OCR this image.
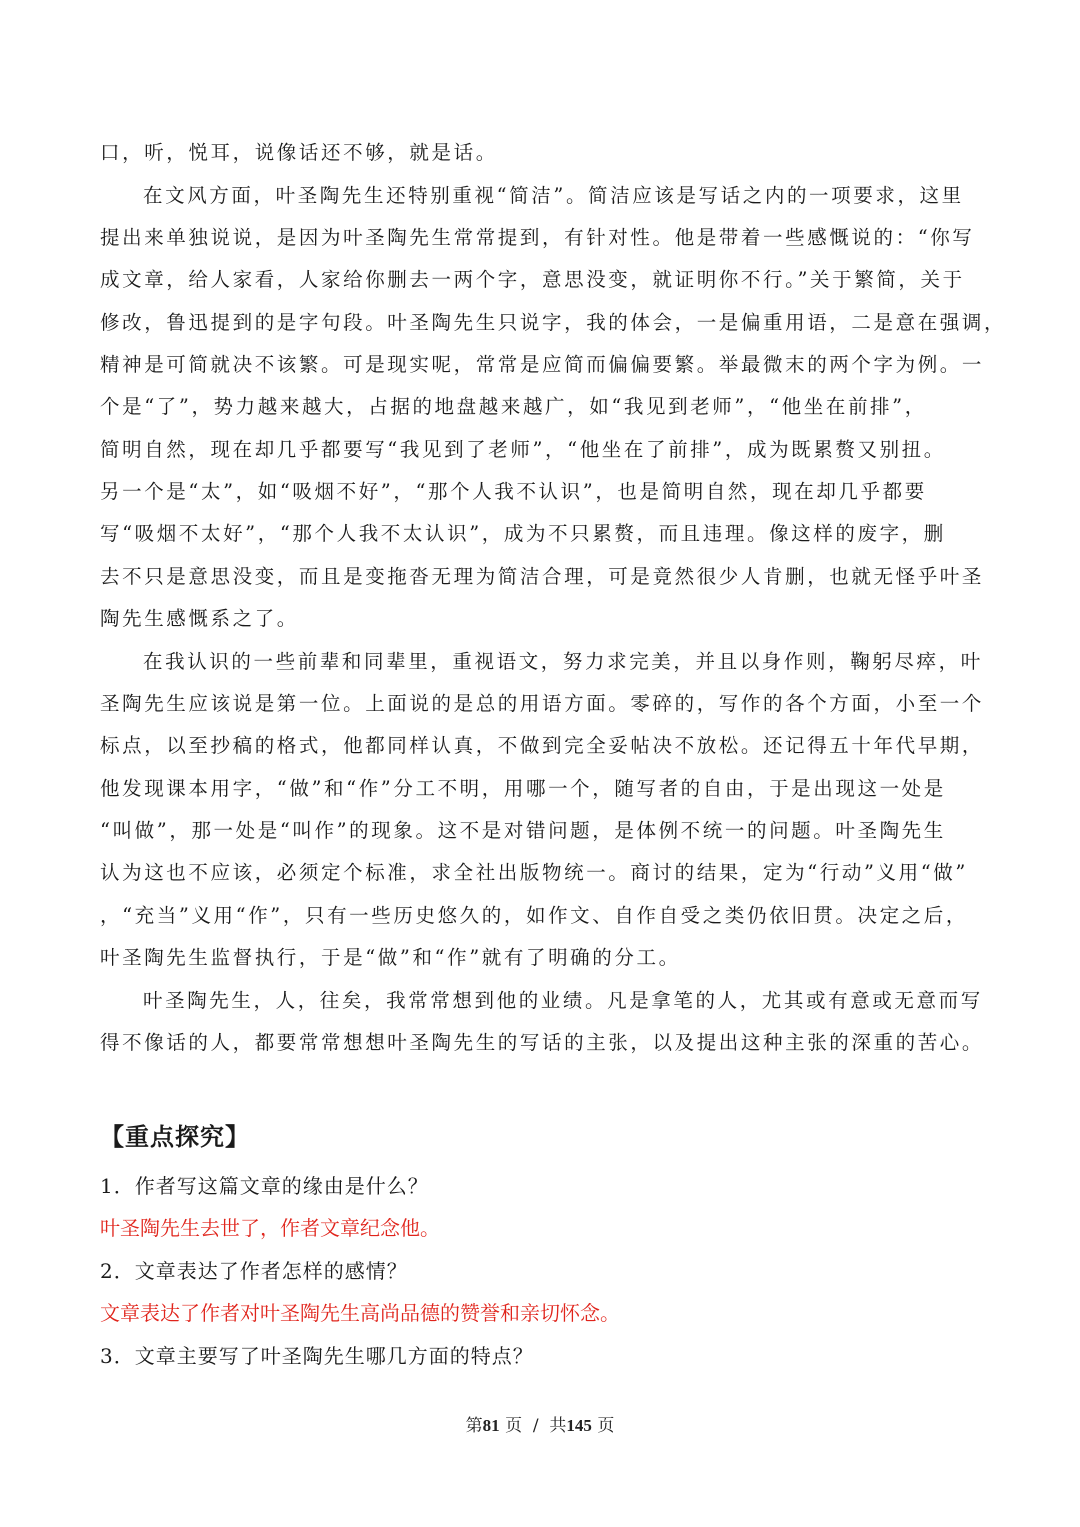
口，听，悦耳，说像话还不够，就是话。
在文风方面，叶圣陶先生还特别重视“简洁”。简洁应该是写话之内的一项要求，这里
提出来单独说说，是因为叶圣陶先生常常提到，有针对性。他是带着一些感慨说的：“你写
成文章，给人家看，人家给你删去一两个字，意思没变，就证明你不行。”关于繁简，关于
修改，鲁迅提到的是字句段。叶圣陶先生只说字，我的体会，一是偏重用语，二是意在强调，
精神是可简就决不该繁。可是现实呢，常常是应简而偏偏要繁。举最微末的两个字为例。一
个是“了”，势力越来越大，占据的地盘越来越广，如“我见到老师”，“他坐在前排”，
简明自然，现在却几乎都要写“我见到了老师”，“他坐在了前排”，成为既累赘又别扭。
另一个是“太”，如“吸烟不好”，“那个人我不认识”，也是简明自然，现在却几乎都要
写“吸烟不太好”，“那个人我不太认识”，成为不只累赘，而且违理。像这样的废字，删
去不只是意思没变，而且是变拖沓无理为简洁合理，可是竟然很少人肯删，也就无怪乎叶圣
陶先生感慨系之了。
在我认识的一些前辈和同辈里，重视语文，努力求完美，并且以身作则，鞠躬尽瘁，叶
圣陶先生应该说是第一位。上面说的是总的用语方面。零碎的，写作的各个方面，小至一个
标点，以至抄稿的格式，他都同样认真，不做到完全妥帖决不放松。还记得五十年代早期，
他发现课本用字，“做”和“作”分工不明，用哪一个，随写者的自由，于是出现这一处是
“叫做”，那一处是“叫作”的现象。这不是对错问题，是体例不统一的问题。叶圣陶先生
认为这也不应该，必须定个标准，求全社出版物统一。商讨的结果，定为“行动”义用“做”
，“充当”义用“作”，只有一些历史悠久的，如作文、自作自受之类仍依旧贯。决定之后，
叶圣陶先生监督执行，于是“做”和“作”就有了明确的分工。
叶圣陶先生，人，往矣，我常常想到他的业绩。凡是拿笔的人，尤其或有意或无意而写
得不像话的人，都要常常想想叶圣陶先生的写话的主张，以及提出这种主张的深重的苦心。
【重点探究】
1．作者写这篇文章的缘由是什么？
叶圣陶先生去世了，作者文章纪念他。
2．文章表达了作者怎样的感情？
文章表达了作者对叶圣陶先生高尚品德的赞誉和亲切怀念。
3．文章主要写了叶圣陶先生哪几方面的特点？
第81 页  /  共145 页
